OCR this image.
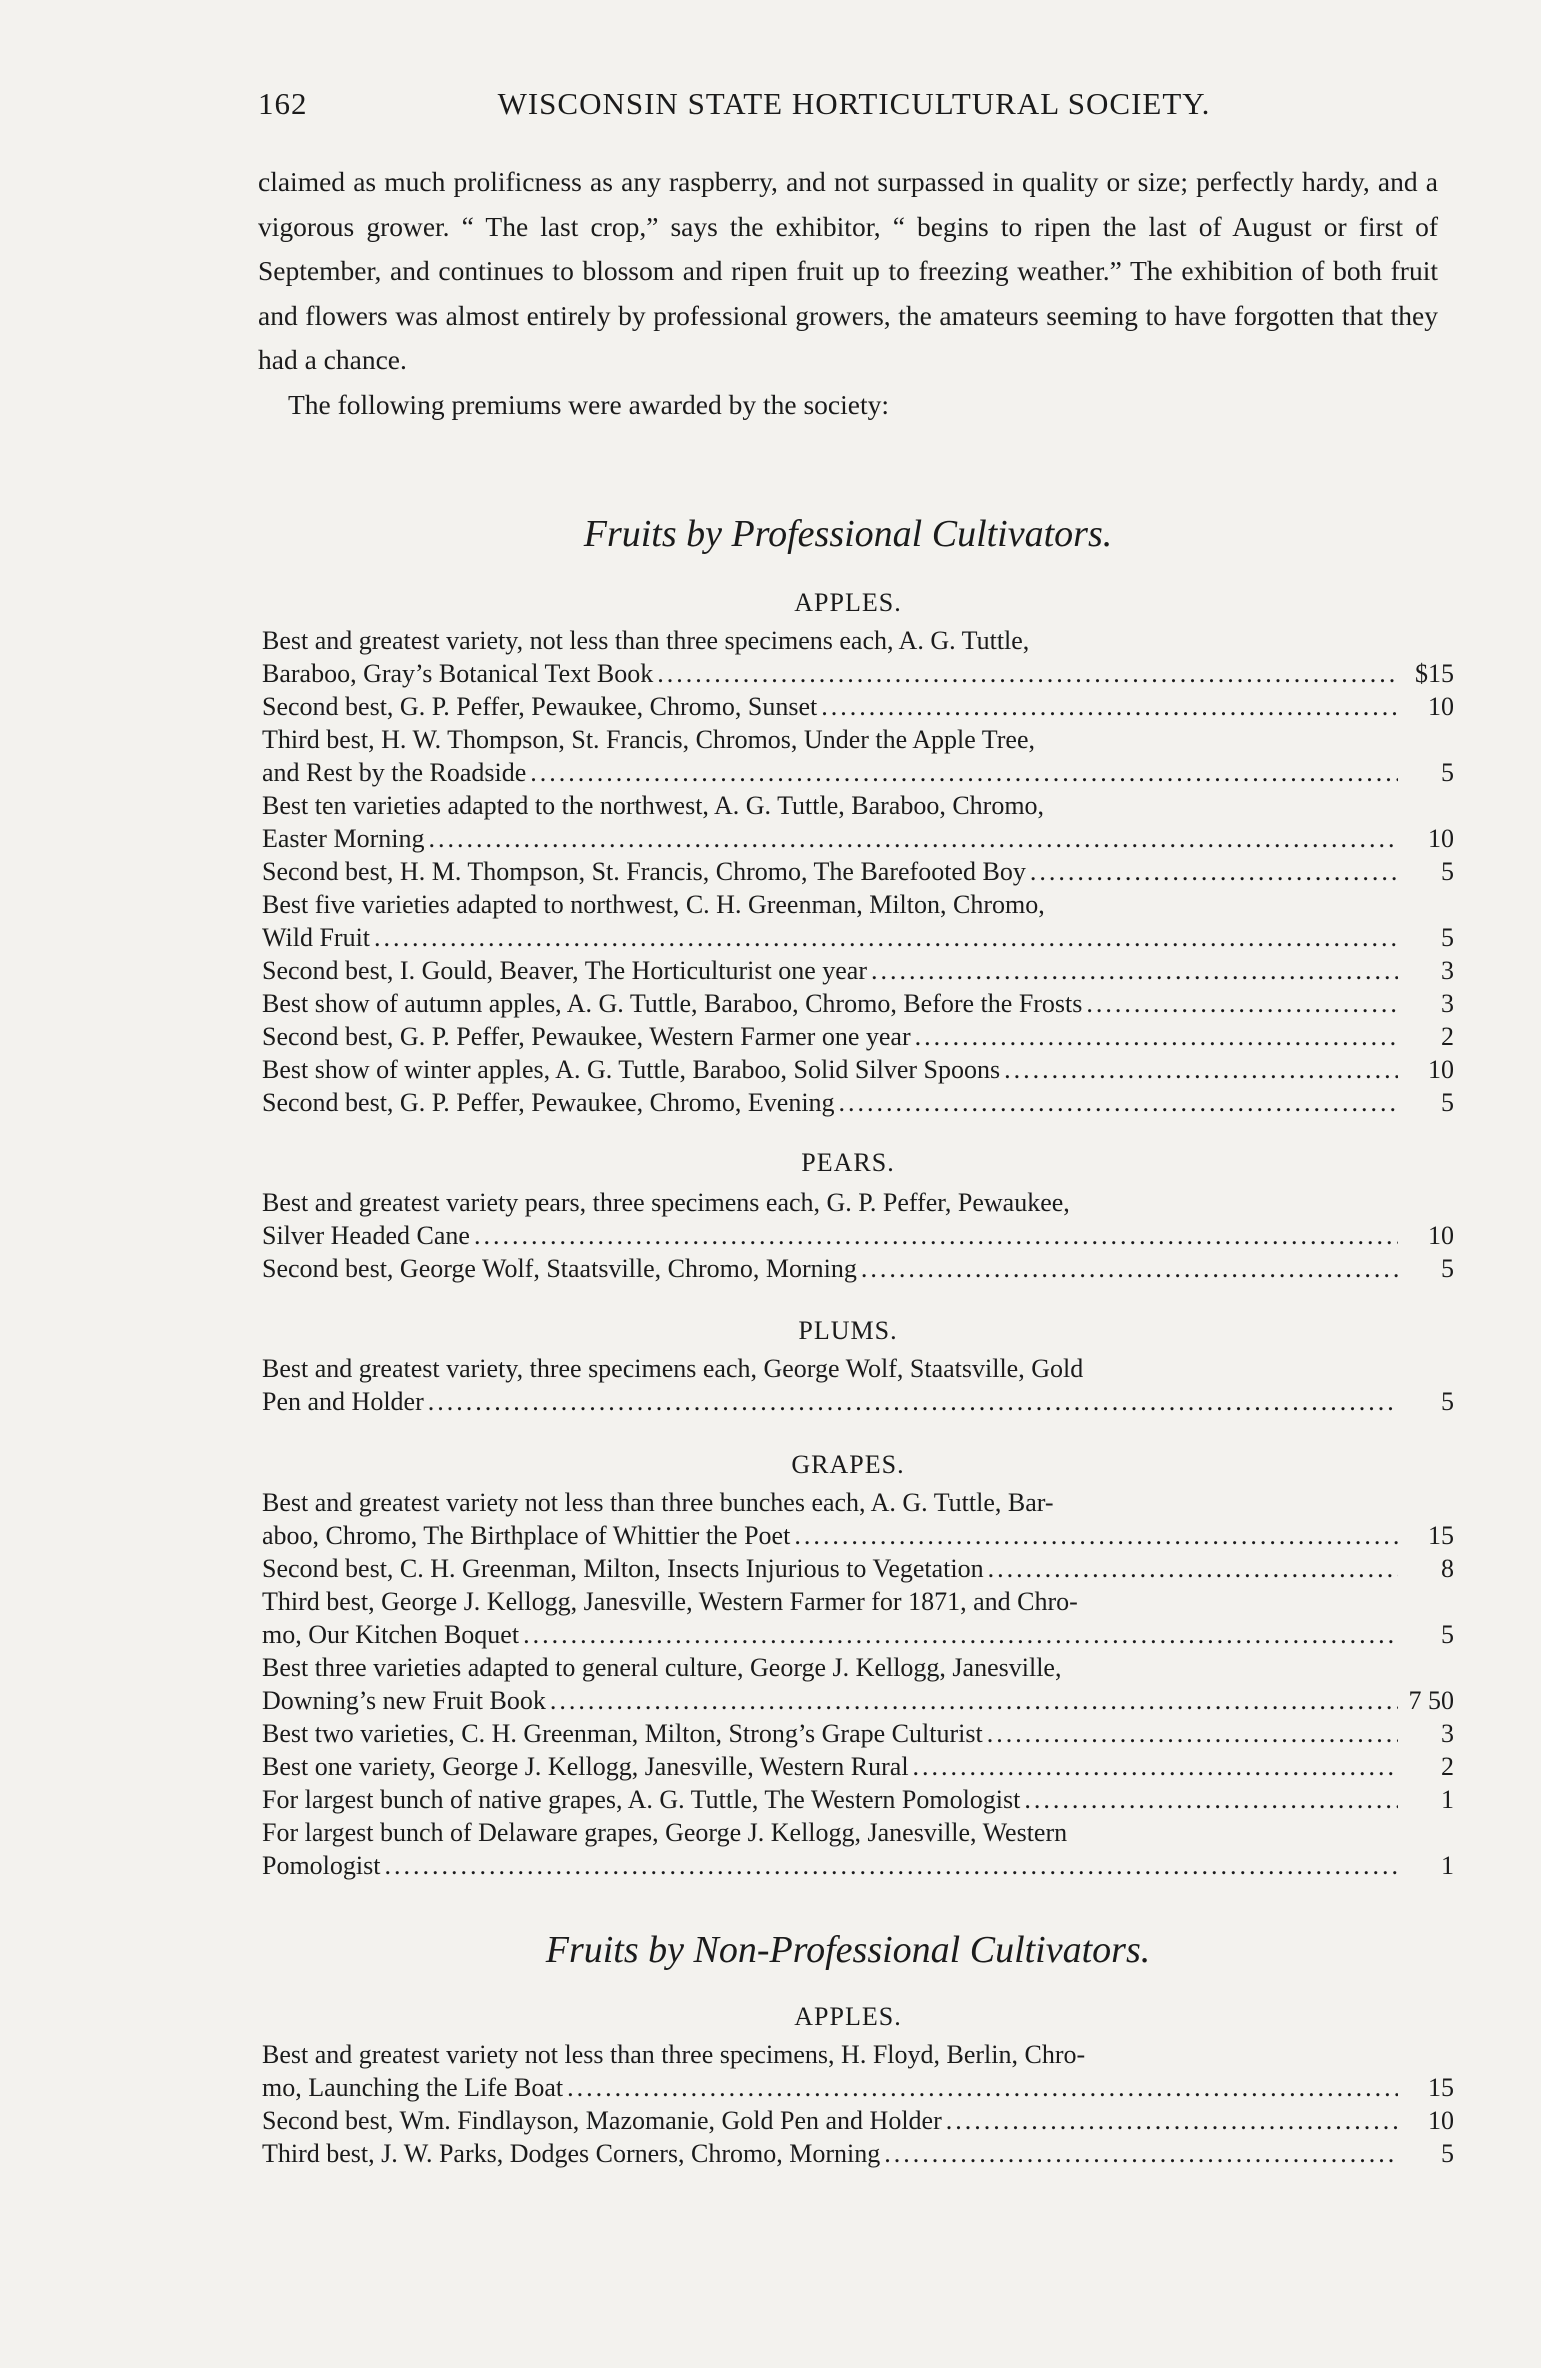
162	WISCONSIN STATE HORTICULTURAL SOCIETY.

claimed as much prolificness as any raspberry, and not surpassed in quality or size; perfectly hardy, and a vigorous grower. “ The last crop,” says the exhibitor, “ begins to ripen the last of August or first of September, and continues to blossom and ripen fruit up to freezing weather.” The exhibition of both fruit and flowers was almost entirely by professional growers, the amateurs seeming to have forgotten that they had a chance.

The following premiums were awarded by the society:

Fruits by Professional Cultivators.
APPLES.
Best and greatest variety, not less than three specimens each, A. G. Tuttle,
Baraboo, Gray’s Botanical Text Book .....	$15
Second best, G. P. Peffer, Pewaukee, Chromo, Sunset .....	10
Third best, H. W. Thompson, St. Francis, Chromos, Under the Apple Tree,
and Rest by the Roadside .....	5
Best ten varieties adapted to the northwest, A. G. Tuttle, Baraboo, Chromo,
Easter Morning .....	10
Second best, H. M. Thompson, St. Francis, Chromo, The Barefooted Boy .....	5
Best five varieties adapted to northwest, C. H. Greenman, Milton, Chromo,
Wild Fruit .....	5
Second best, I. Gould, Beaver, The Horticulturist one year .....	3
Best show of autumn apples, A. G. Tuttle, Baraboo, Chromo, Before the Frosts .....	3
Second best, G. P. Peffer, Pewaukee, Western Farmer one year .....	2
Best show of winter apples, A. G. Tuttle, Baraboo, Solid Silver Spoons .....	10
Second best, G. P. Peffer, Pewaukee, Chromo, Evening .....	5
PEARS.
Best and greatest variety pears, three specimens each, G. P. Peffer, Pewaukee,
Silver Headed Cane .....	10
Second best, George Wolf, Staatsville, Chromo, Morning .....	5
PLUMS.
Best and greatest variety, three specimens each, George Wolf, Staatsville, Gold
Pen and Holder .....	5
GRAPES.
Best and greatest variety not less than three bunches each, A. G. Tuttle, Bar-
aboo, Chromo, The Birthplace of Whittier the Poet .....	15
Second best, C. H. Greenman, Milton, Insects Injurious to Vegetation .....	8
Third best, George J. Kellogg, Janesville, Western Farmer for 1871, and Chro-
mo, Our Kitchen Boquet .....	5
Best three varieties adapted to general culture, George J. Kellogg, Janesville,
Downing’s new Fruit Book .....	7 50
Best two varieties, C. H. Greenman, Milton, Strong’s Grape Culturist .....	3
Best one variety, George J. Kellogg, Janesville, Western Rural .....	2
For largest bunch of native grapes, A. G. Tuttle, The Western Pomologist .....	1
For largest bunch of Delaware grapes, George J. Kellogg, Janesville, Western
Pomologist .....	1
Fruits by Non-Professional Cultivators.
APPLES.
Best and greatest variety not less than three specimens, H. Floyd, Berlin, Chro-
mo, Launching the Life Boat .....	15
Second best, Wm. Findlayson, Mazomanie, Gold Pen and Holder .....	10
Third best, J. W. Parks, Dodges Corners, Chromo, Morning .....	5
